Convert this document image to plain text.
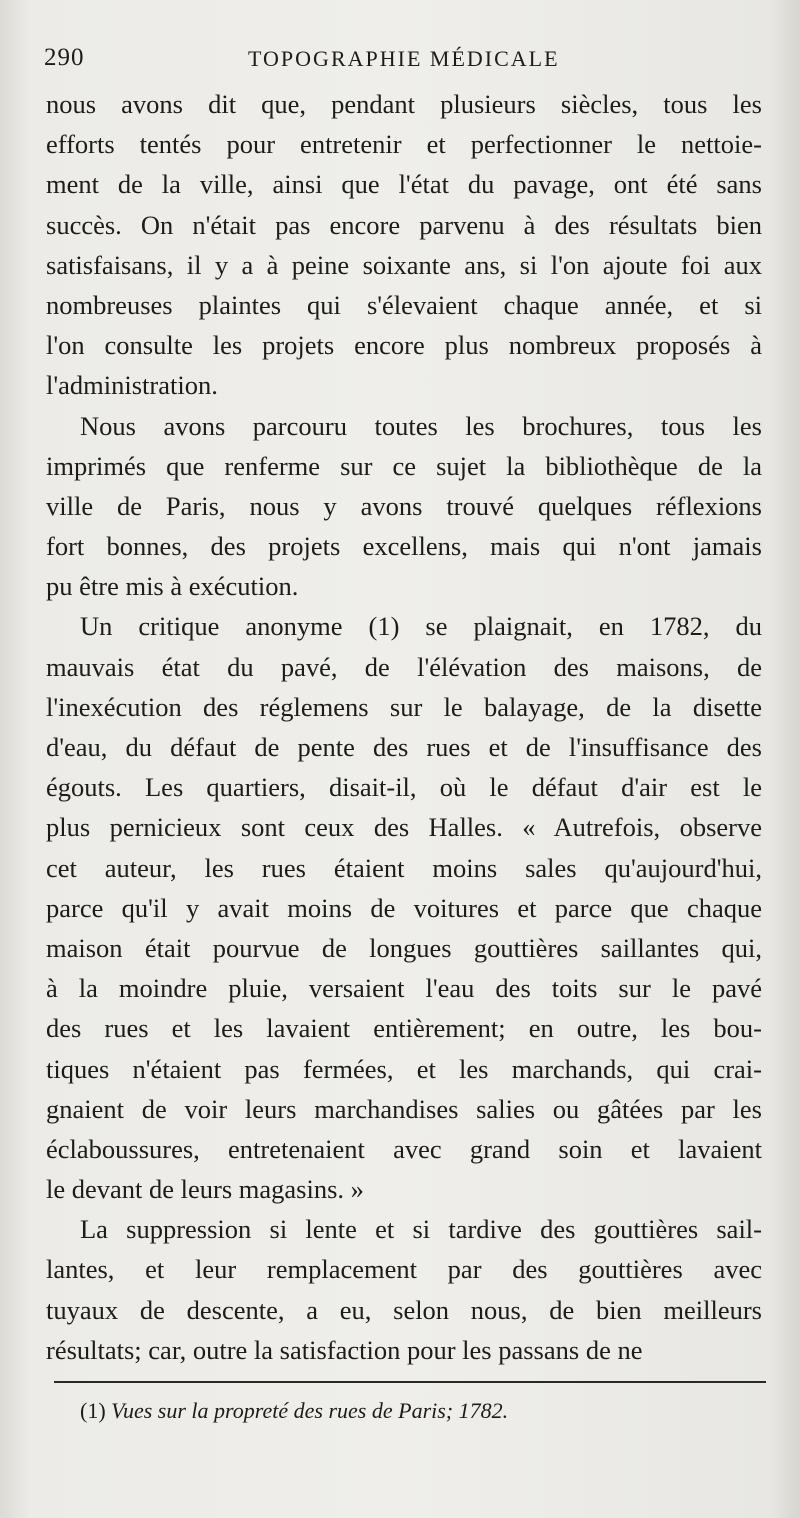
290	TOPOGRAPHIE MÉDICALE
nous avons dit que, pendant plusieurs siècles, tous les
efforts tentés pour entretenir et perfectionner le nettoie-
ment de la ville, ainsi que l'état du pavage, ont été sans
succès. On n'était pas encore parvenu à des résultats bien
satisfaisans, il y a à peine soixante ans, si l'on ajoute foi aux
nombreuses plaintes qui s'élevaient chaque année, et si
l'on consulte les projets encore plus nombreux proposés à
l'administration.
Nous avons parcouru toutes les brochures, tous les
imprimés que renferme sur ce sujet la bibliothèque de la
ville de Paris, nous y avons trouvé quelques réflexions
fort bonnes, des projets excellens, mais qui n'ont jamais
pu être mis à exécution.
Un critique anonyme (1) se plaignait, en 1782, du
mauvais état du pavé, de l'élévation des maisons, de
l'inexécution des réglemens sur le balayage, de la disette
d'eau, du défaut de pente des rues et de l'insuffisance des
égouts. Les quartiers, disait-il, où le défaut d'air est le
plus pernicieux sont ceux des Halles. « Autrefois, observe
cet auteur, les rues étaient moins sales qu'aujourd'hui,
parce qu'il y avait moins de voitures et parce que chaque
maison était pourvue de longues gouttières saillantes qui,
à la moindre pluie, versaient l'eau des toits sur le pavé
des rues et les lavaient entièrement; en outre, les bou-
tiques n'étaient pas fermées, et les marchands, qui crai-
gnaient de voir leurs marchandises salies ou gâtées par les
éclaboussures, entretenaient avec grand soin et lavaient
le devant de leurs magasins. »
La suppression si lente et si tardive des gouttières sail-
lantes, et leur remplacement par des gouttières avec
tuyaux de descente, a eu, selon nous, de bien meilleurs
résultats; car, outre la satisfaction pour les passans de ne
(1) Vues sur la propreté des rues de Paris; 1782.
